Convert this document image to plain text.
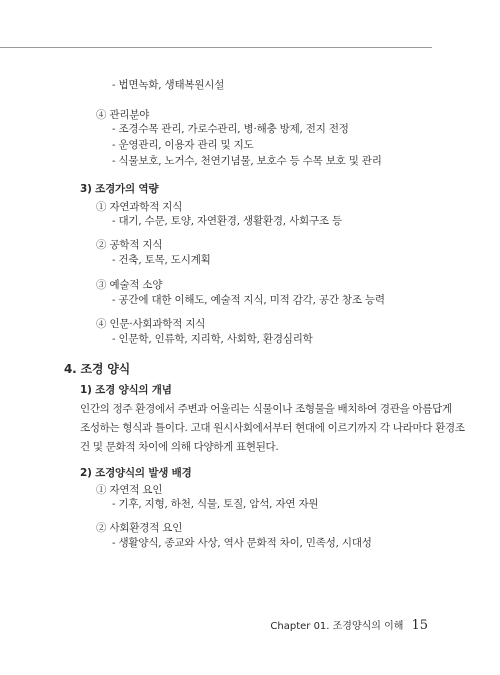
- 법면녹화, 생태복원시설
④ 관리분야
- 조경수목 관리, 가로수관리, 병·해충 방제, 전지 전정
- 운영관리, 이용자 관리 및 지도
- 식물보호, 노거수, 천연기념물, 보호수 등 수목 보호 및 관리
3) 조경가의 역량
① 자연과학적 지식
- 대기, 수문, 토양, 자연환경, 생활환경, 사회구조 등
② 공학적 지식
- 건축, 토목, 도시계획
③ 예술적 소양
- 공간에 대한 이해도, 예술적 지식, 미적 감각, 공간 창조 능력
④ 인문·사회과학적 지식
- 인문학, 인류학, 지리학, 사회학, 환경심리학
4. 조경 양식
1) 조경 양식의 개념
인간의 정주 환경에서 주변과 어울리는 식물이나 조형물을 배치하여 경관을 아름답게
조성하는 형식과 틀이다. 고대 원시사회에서부터 현대에 이르기까지 각 나라마다 환경조
건 및 문화적 차이에 의해 다양하게 표현된다.
2) 조경양식의 발생 배경
① 자연적 요인
- 기후, 지형, 하천, 식물, 토질, 암석, 자연 자원
② 사회환경적 요인
- 생활양식, 종교와 사상, 역사 문화적 차이, 민족성, 시대성
Chapter 01. 조경양식의 이해 15
